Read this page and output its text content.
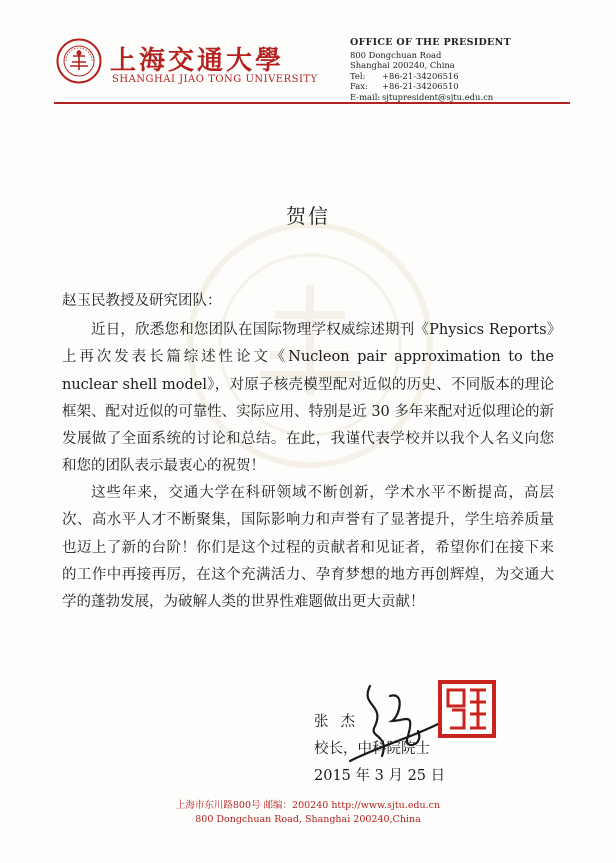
上海交通大學
SHANGHAI JIAO TONG UNIVERSITY
OFFICE OF THE PRESIDENT
800 Dongchuan Road
Shanghai 200240, China
Tel: +86-21-34206516
Fax: +86-21-34206510
E-mail: sjtupresident@sjtu.edu.cn
贺信
赵玉民教授及研究团队：
近日，欣悉您和您团队在国际物理学权威综述期刊《Physics Reports》上再次发表长篇综述性论文《Nucleon pair approximation to the nuclear shell model》，对原子核壳模型配对近似的历史、不同版本的理论框架、配对近似的可靠性、实际应用、特别是近 30 多年来配对近似理论的新发展做了全面系统的讨论和总结。在此，我谨代表学校并以我个人名义向您和您的团队表示最衷心的祝贺！
这些年来，交通大学在科研领域不断创新，学术水平不断提高，高层次、高水平人才不断聚集，国际影响力和声誉有了显著提升，学生培养质量也迈上了新的台阶！你们是这个过程的贡献者和见证者，希望你们在接下来的工作中再接再厉，在这个充满活力、孕育梦想的地方再创辉煌，为交通大学的蓬勃发展，为破解人类的世界性难题做出更大贡献！
张杰
校长，中科院院士
2015 年 3 月 25 日
上海市东川路800号 邮编：200240 http://www.sjtu.edu.cn
800 Dongchuan Road, Shanghai 200240,China
